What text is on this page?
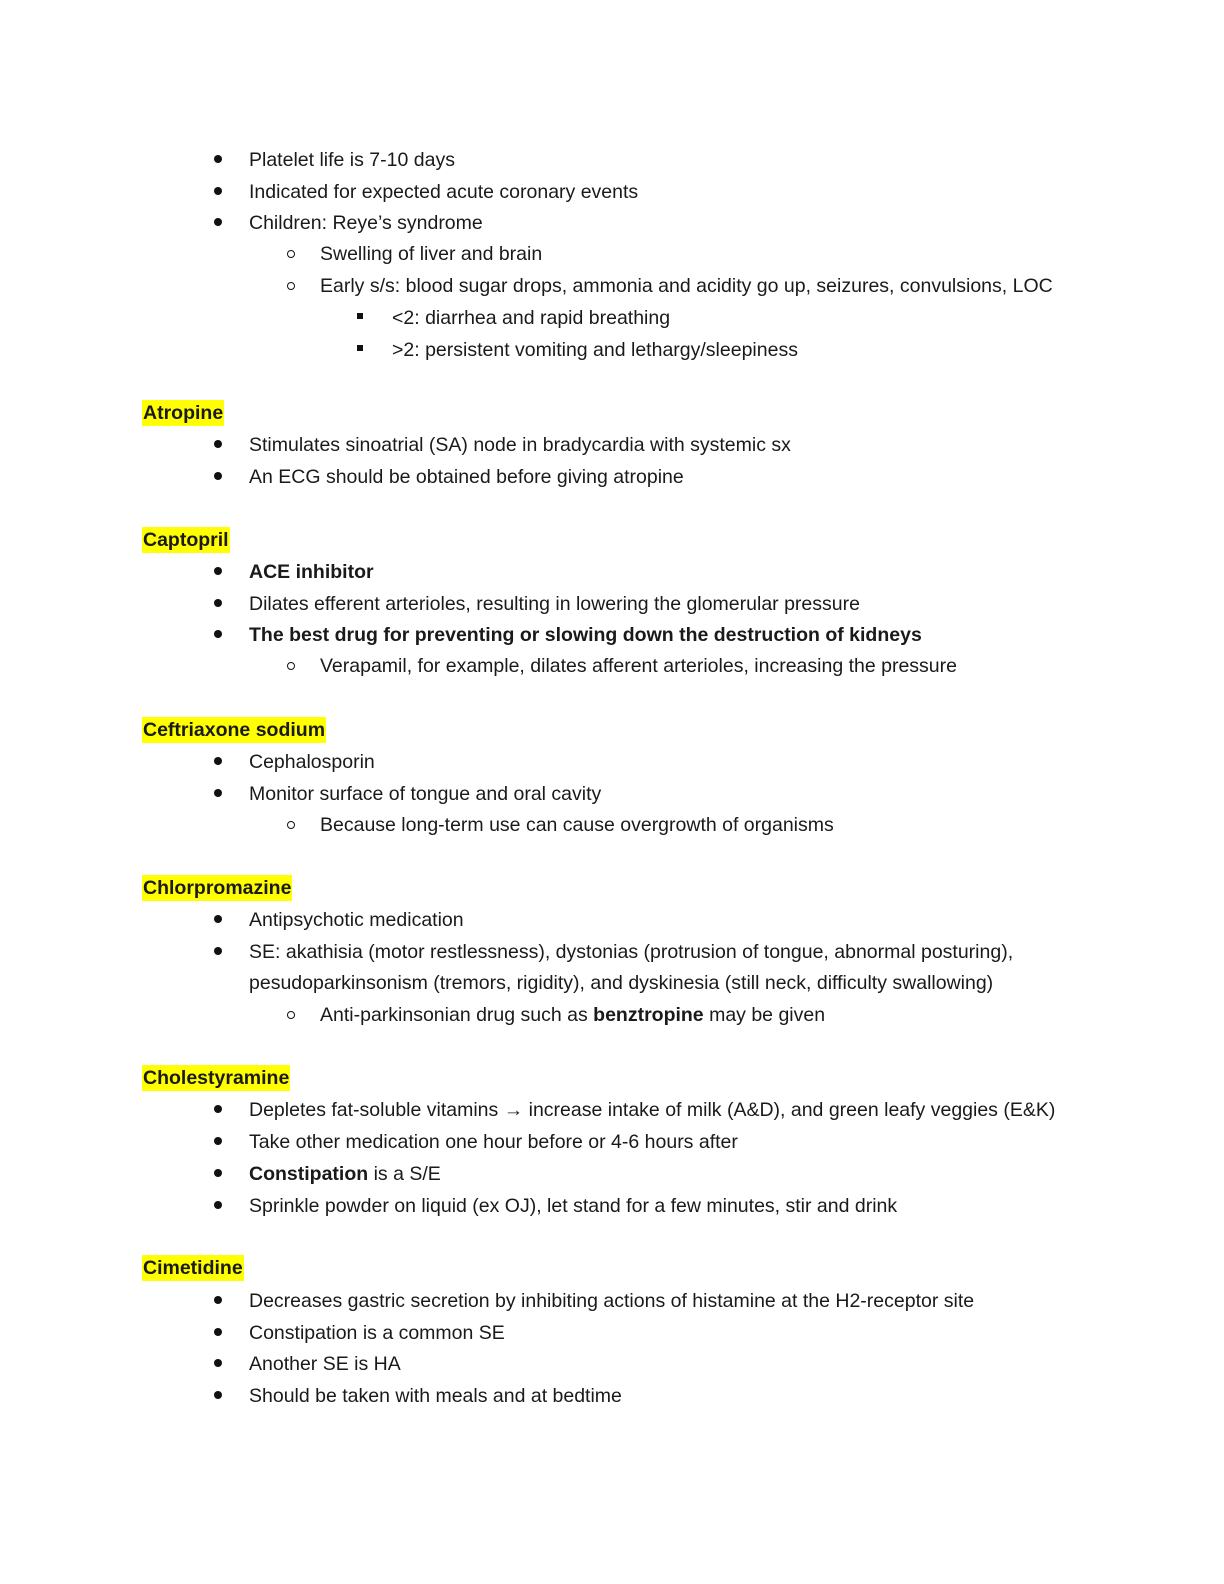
Platelet life is 7-10 days
Indicated for expected acute coronary events
Children: Reye’s syndrome
Swelling of liver and brain
Early s/s: blood sugar drops, ammonia and acidity go up, seizures, convulsions, LOC
<2: diarrhea and rapid breathing
>2: persistent vomiting and lethargy/sleepiness
Atropine
Stimulates sinoatrial (SA) node in bradycardia with systemic sx
An ECG should be obtained before giving atropine
Captopril
ACE inhibitor
Dilates efferent arterioles, resulting in lowering the glomerular pressure
The best drug for preventing or slowing down the destruction of kidneys
Verapamil, for example, dilates afferent arterioles, increasing the pressure
Ceftriaxone sodium
Cephalosporin
Monitor surface of tongue and oral cavity
Because long-term use can cause overgrowth of organisms
Chlorpromazine
Antipsychotic medication
SE: akathisia (motor restlessness), dystonias (protrusion of tongue, abnormal posturing),
pesudoparkinsonism (tremors, rigidity), and dyskinesia (still neck, difficulty swallowing)
Anti-parkinsonian drug such as benztropine may be given
Cholestyramine
Depletes fat-soluble vitamins → increase intake of milk (A&D), and green leafy veggies (E&K)
Take other medication one hour before or 4-6 hours after
Constipation is a S/E
Sprinkle powder on liquid (ex OJ), let stand for a few minutes, stir and drink
Cimetidine
Decreases gastric secretion by inhibiting actions of histamine at the H2-receptor site
Constipation is a common SE
Another SE is HA
Should be taken with meals and at bedtime
